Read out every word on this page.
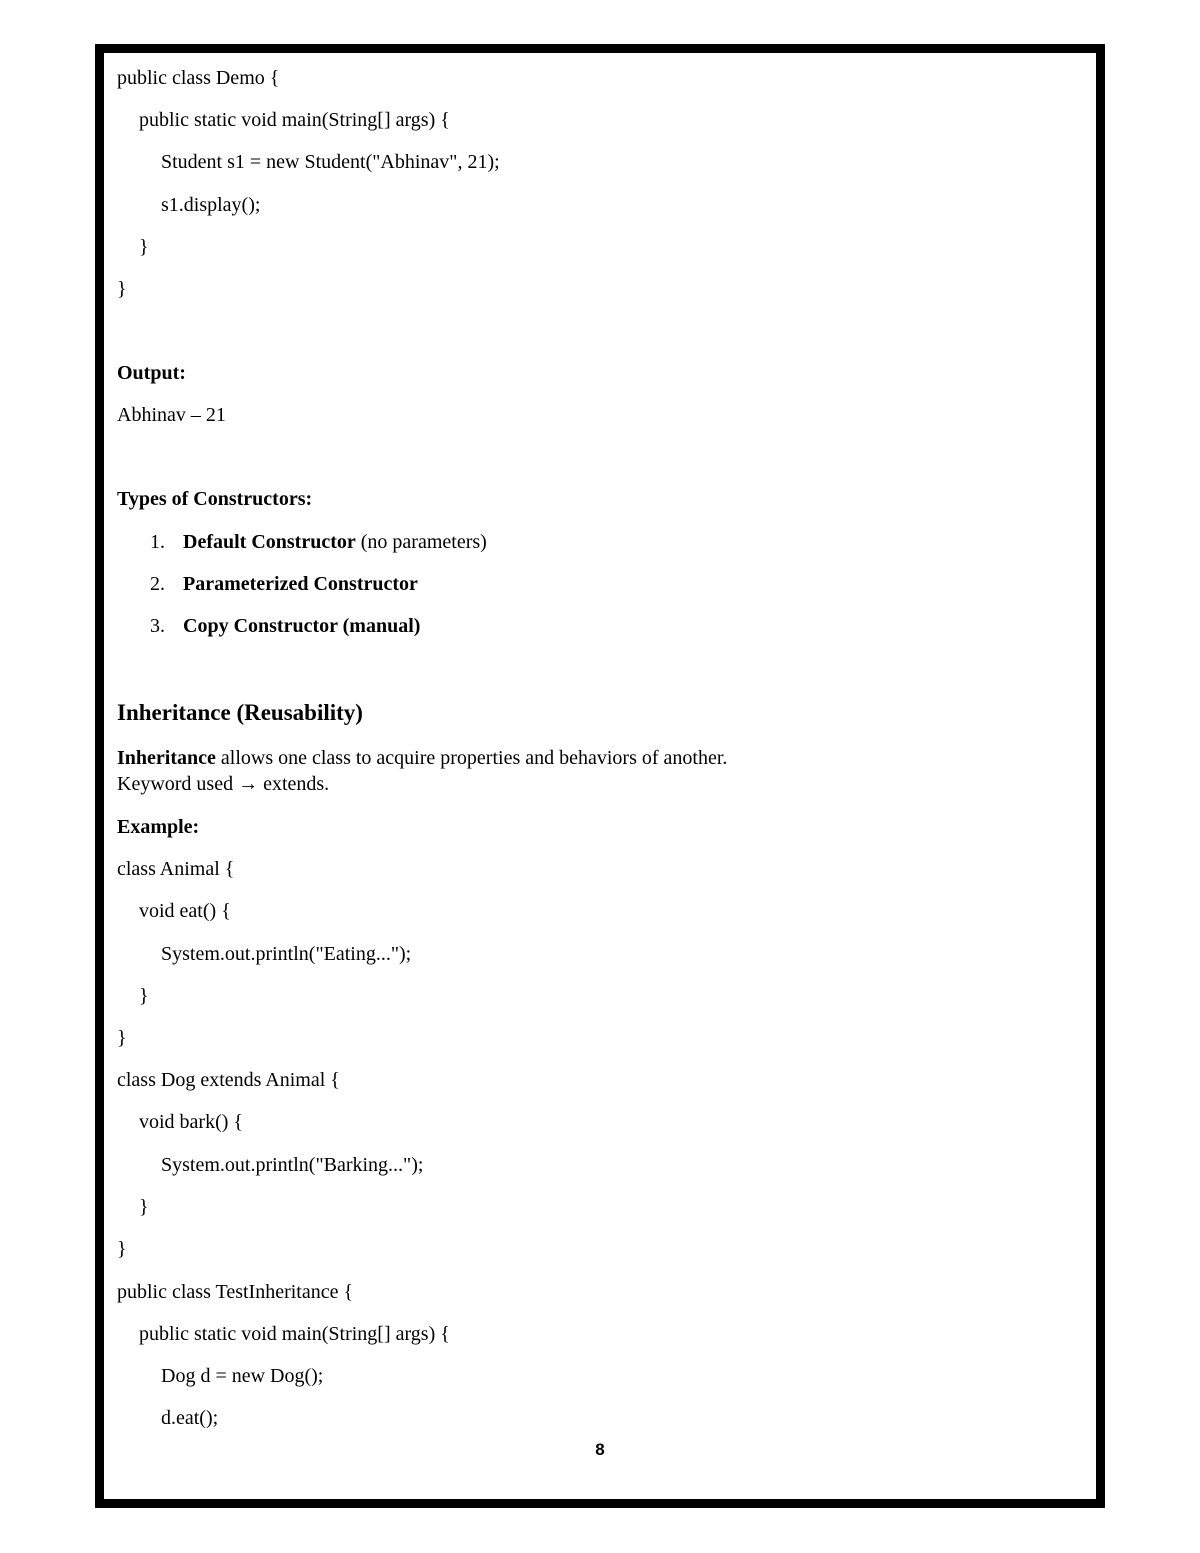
public class Demo {
public static void main(String[] args) {
Student s1 = new Student("Abhinav", 21);
s1.display();
}
}
Output:
Abhinav – 21
Types of Constructors:
1. Default Constructor (no parameters)
2. Parameterized Constructor
3. Copy Constructor (manual)
Inheritance (Reusability)
Inheritance allows one class to acquire properties and behaviors of another.
Keyword used → extends.
Example:
class Animal {
void eat() {
System.out.println("Eating...");
}
}
class Dog extends Animal {
void bark() {
System.out.println("Barking...");
}
}
public class TestInheritance {
public static void main(String[] args) {
Dog d = new Dog();
d.eat();
8
